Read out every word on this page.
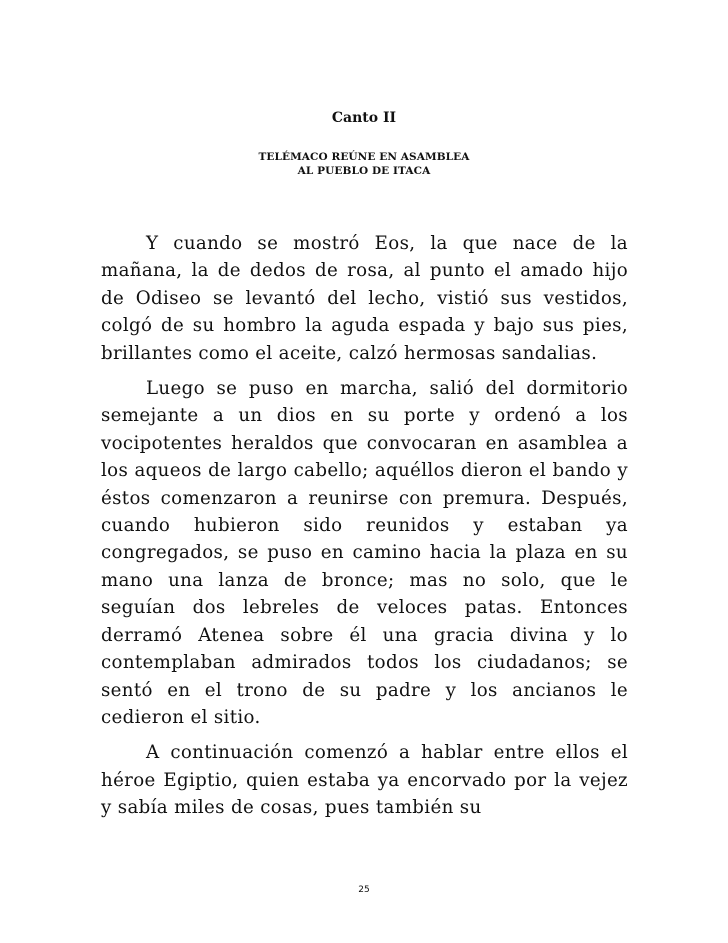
Canto II
TELÉMACO REÚNE EN ASAMBLEA
AL PUEBLO DE ITACA

Y cuando se mostró Eos, la que nace de la mañana, la de dedos de rosa, al punto el amado hijo de Odiseo se levantó del lecho, vistió sus vestidos, colgó de su hombro la aguda espada y bajo sus pies, brillantes como el aceite, calzó hermosas sandalias.

Luego se puso en marcha, salió del dormitorio semejante a un dios en su porte y ordenó a los vocipotentes heraldos que convocaran en asamblea a los aqueos de largo cabello; aquéllos dieron el bando y éstos comenzaron a reunirse con premura. Después, cuando hubieron sido reunidos y estaban ya congregados, se puso en camino hacia la plaza en su mano una lanza de bronce; mas no solo, que le seguían dos lebreles de veloces patas. Entonces derramó Atenea sobre él una gracia divina y lo contemplaban admirados todos los ciudadanos; se sentó en el trono de su padre y los ancianos le cedieron el sitio.

A continuación comenzó a hablar entre ellos el héroe Egiptio, quien estaba ya encorvado por la vejez y sabía miles de cosas, pues también su

25
